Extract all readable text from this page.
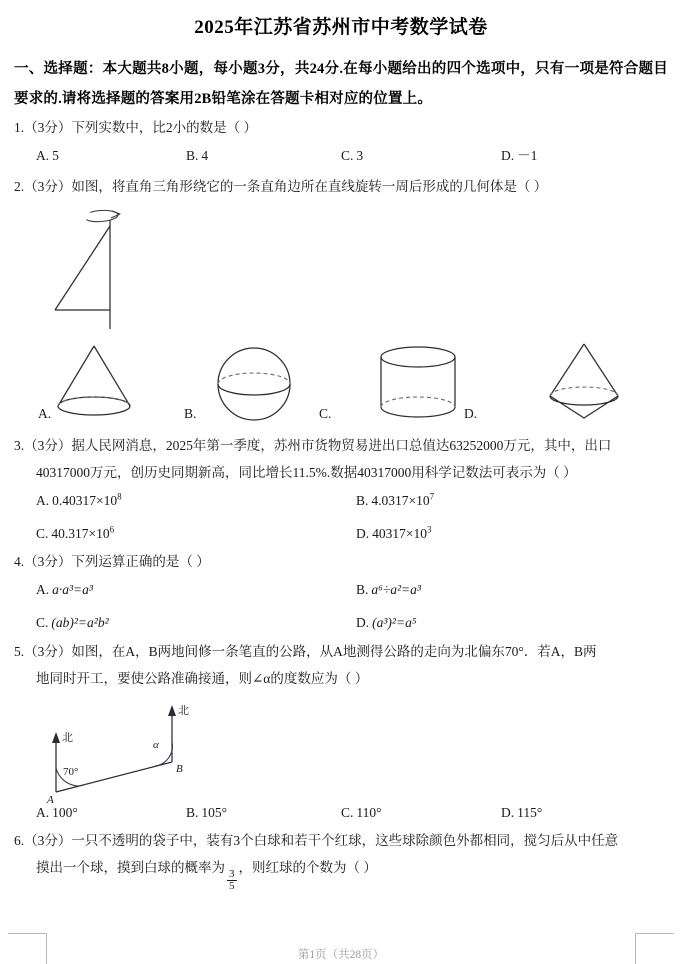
2025年江苏省苏州市中考数学试卷
一、选择题：本大题共8小题，每小题3分，共24分.在每小题给出的四个选项中，只有一项是符合题目要求的.请将选择题的答案用2B铅笔涂在答题卡相对应的位置上。
1.（3分）下列实数中，比2小的数是（ ）
A. 5	B. 4	C. 3	D. －1
2.（3分）如图，将直角三角形绕它的一条直角边所在直线旋转一周后形成的几何体是（ ）
A.	B.	C.	D.
3.（3分）据人民网消息，2025年第一季度，苏州市货物贸易进出口总值达63252000万元，其中，出口
40317000万元，创历史同期新高，同比增长11.5%.数据40317000用科学记数法可表示为（ ）
A. $0.40317\times 10^8$	B. $4.0317\times 10^7$
C. $40.317\times 10^6$	D. $40317\times 10^3$
4.（3分）下列运算正确的是（ ）
A. a·a³=a³	B. a⁶÷a²=a³
C. (ab)²=a²b²	D. (a³)²=a⁵
5.（3分）如图，在A，B两地间修一条笔直的公路，从A地测得公路的走向为北偏东70°．若A，B两
地同时开工，要使公路准确接通，则∠α的度数应为（ ）
北
北
70°
α
A
B
A. 100°	B. 105°	C. 110°	D. 115°
6.（3分）一只不透明的袋子中，装有3个白球和若干个红球，这些球除颜色外都相同，搅匀后从中任意
摸出一个球，摸到白球的概率为
$\frac{3}{5}$
，则红球的个数为（ ）
第1页（共28页）
